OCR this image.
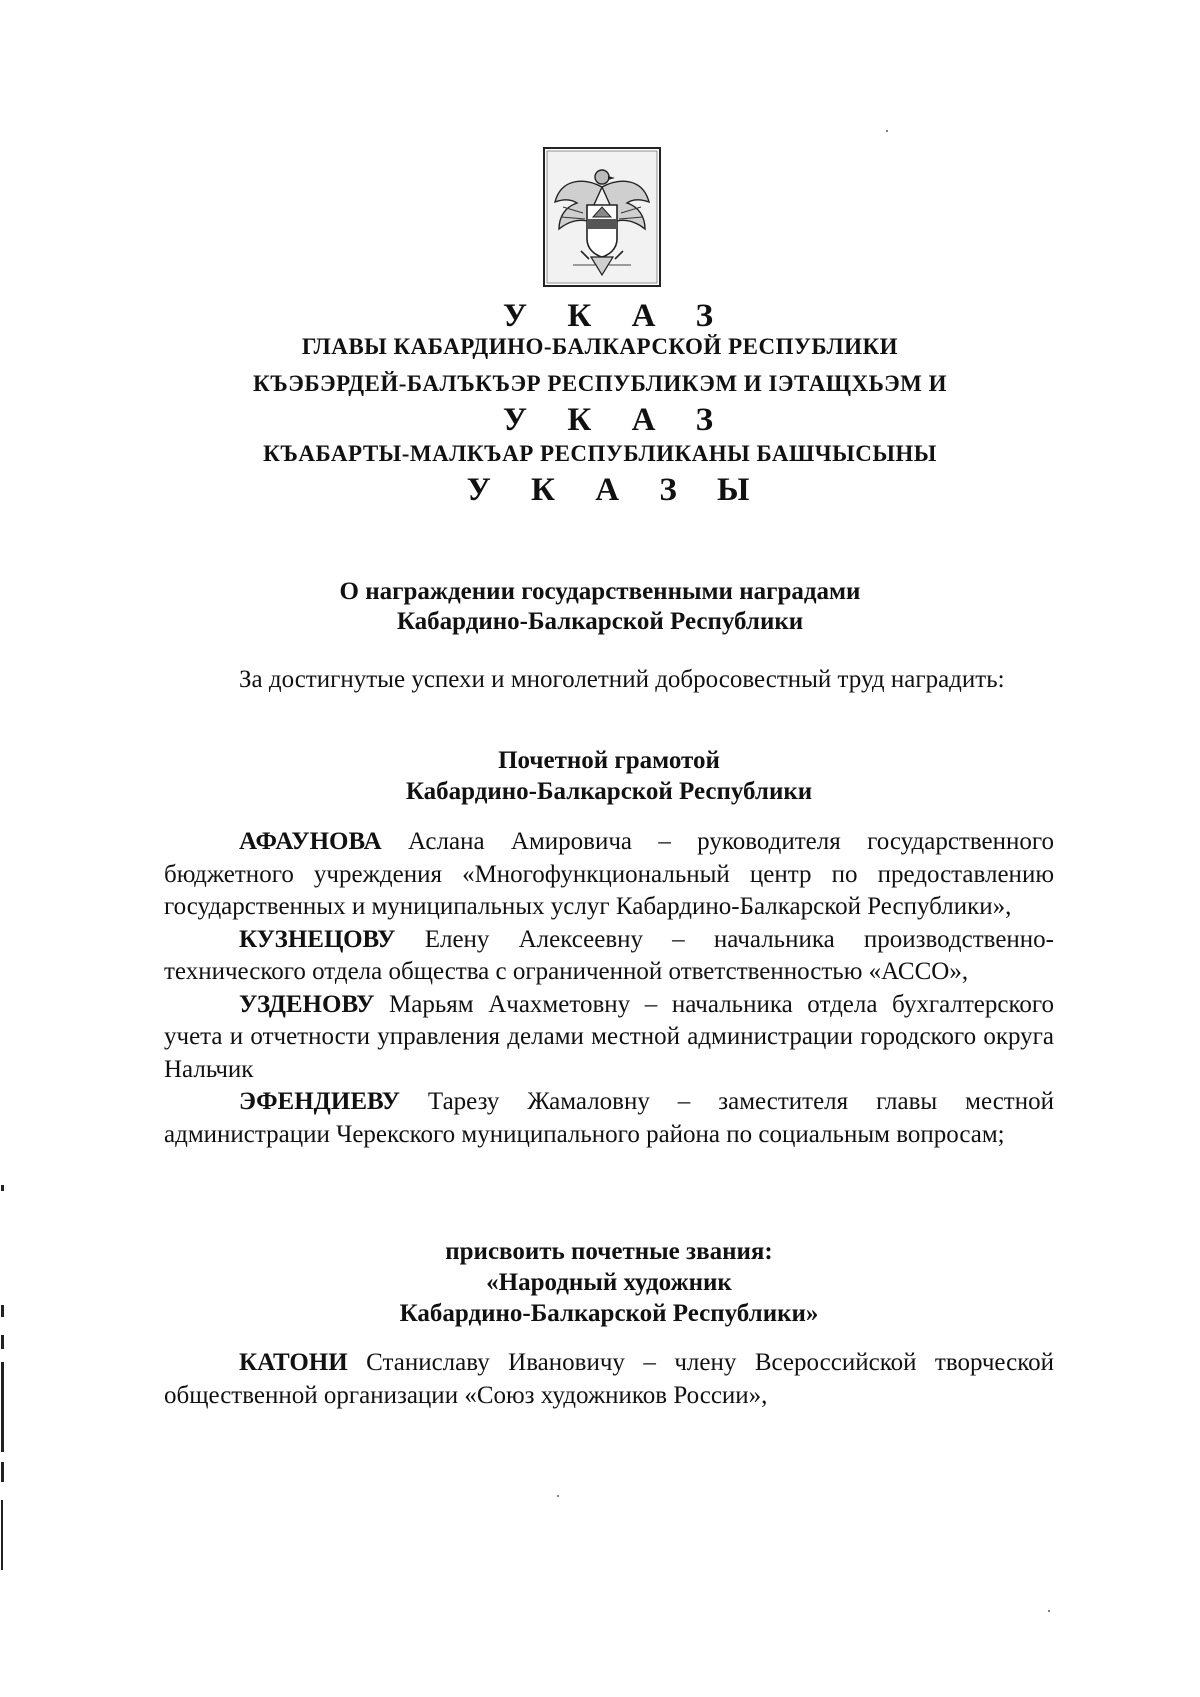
У К А З
ГЛАВЫ КАБАРДИНО-БАЛКАРСКОЙ РЕСПУБЛИКИ
КЪЭБЭРДЕЙ-БАЛЪКЪЭР РЕСПУБЛИКЭМ И IЭТАЩХЬЭМ И
У К А З
КЪАБАРТЫ-МАЛКЪАР РЕСПУБЛИКАНЫ БАШЧЫСЫНЫ
У К А З Ы
О награждении государственными наградами
Кабардино-Балкарской Республики

За достигнутые успехи и многолетний добросовестный труд наградить:

Почетной грамотой
Кабардино-Балкарской Республики

АФАУНОВА Аслана Амировича – руководителя государственного бюджетного учреждения «Многофункциональный центр по предоставлению государственных и муниципальных услуг Кабардино-Балкарской Республики»,

КУЗНЕЦОВУ Елену Алексеевну – начальника производственно-технического отдела общества с ограниченной ответственностью «АССО»,

УЗДЕНОВУ Марьям Ачахметовну – начальника отдела бухгалтерского учета и отчетности управления делами местной администрации городского округа Нальчик

ЭФЕНДИЕВУ Тарезу Жамаловну – заместителя главы местной администрации Черекского муниципального района по социальным вопросам;

присвоить почетные звания:
«Народный художник
Кабардино-Балкарской Республики»

КАТОНИ Станиславу Ивановичу – члену Всероссийской творческой общественной организации «Союз художников России»,
